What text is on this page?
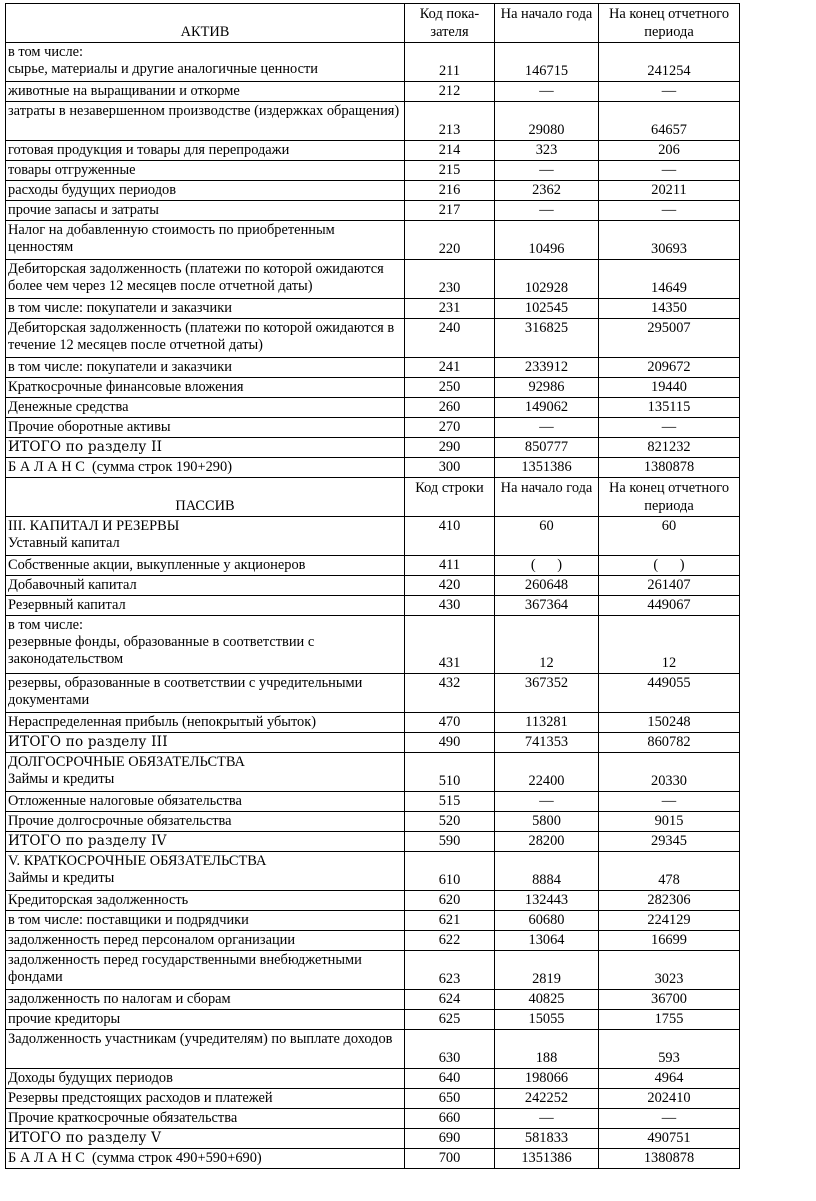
АКТИВ	Код пока-зателя	На начало года	На конец отчетного периода
в том числе:
сырье, материалы и другие аналогичные ценности	211	146715	241254
животные на выращивании и откорме	212	—	—
затраты в незавершенном производстве (издержках обращения)	213	29080	64657
готовая продукция и товары для перепродажи	214	323	206
товары отгруженные	215	—	—
расходы будущих периодов	216	2362	20211
прочие запасы и затраты	217	—	—
Налог на добавленную стоимость по приобретенным ценностям	220	10496	30693
Дебиторская задолженность (платежи по которой ожидаются более чем через 12 месяцев после отчетной даты)	230	102928	14649
в том числе: покупатели и заказчики	231	102545	14350
Дебиторская задолженность (платежи по которой ожидаются в течение 12 месяцев после отчетной даты)	240	316825	295007
в том числе: покупатели и заказчики	241	233912	209672
Краткосрочные финансовые вложения	250	92986	19440
Денежные средства	260	149062	135115
Прочие оборотные активы	270	—	—
ИТОГО по разделу II	290	850777	821232
Б А Л А Н С  (сумма строк 190+290)	300	1351386	1380878
ПАССИВ	Код строки	На начало года	На конец отчетного периода
III. КАПИТАЛ И РЕЗЕРВЫ
Уставный капитал	410	60	60
Собственные акции, выкупленные у акционеров	411	(      )	(      )
Добавочный капитал	420	260648	261407
Резервный капитал	430	367364	449067
в том числе:
резервные фонды, образованные в соответствии с законодательством	431	12	12
резервы, образованные в соответствии с учредительными документами	432	367352	449055
Нераспределенная прибыль (непокрытый убыток)	470	113281	150248
ИТОГО по разделу III	490	741353	860782
ДОЛГОСРОЧНЫЕ ОБЯЗАТЕЛЬСТВА
Займы и кредиты	510	22400	20330
Отложенные налоговые обязательства	515	—	—
Прочие долгосрочные обязательства	520	5800	9015
ИТОГО по разделу IV	590	28200	29345
V. КРАТКОСРОЧНЫЕ ОБЯЗАТЕЛЬСТВА
Займы и кредиты	610	8884	478
Кредиторская задолженность	620	132443	282306
в том числе: поставщики и подрядчики	621	60680	224129
задолженность перед персоналом организации	622	13064	16699
задолженность перед государственными внебюджетными фондами	623	2819	3023
задолженность по налогам и сборам	624	40825	36700
прочие кредиторы	625	15055	1755
Задолженность участникам (учредителям) по выплате доходов	630	188	593
Доходы будущих периодов	640	198066	4964
Резервы предстоящих расходов и платежей	650	242252	202410
Прочие краткосрочные обязательства	660	—	—
ИТОГО по разделу V	690	581833	490751
Б А Л А Н С  (сумма строк 490+590+690)	700	1351386	1380878
